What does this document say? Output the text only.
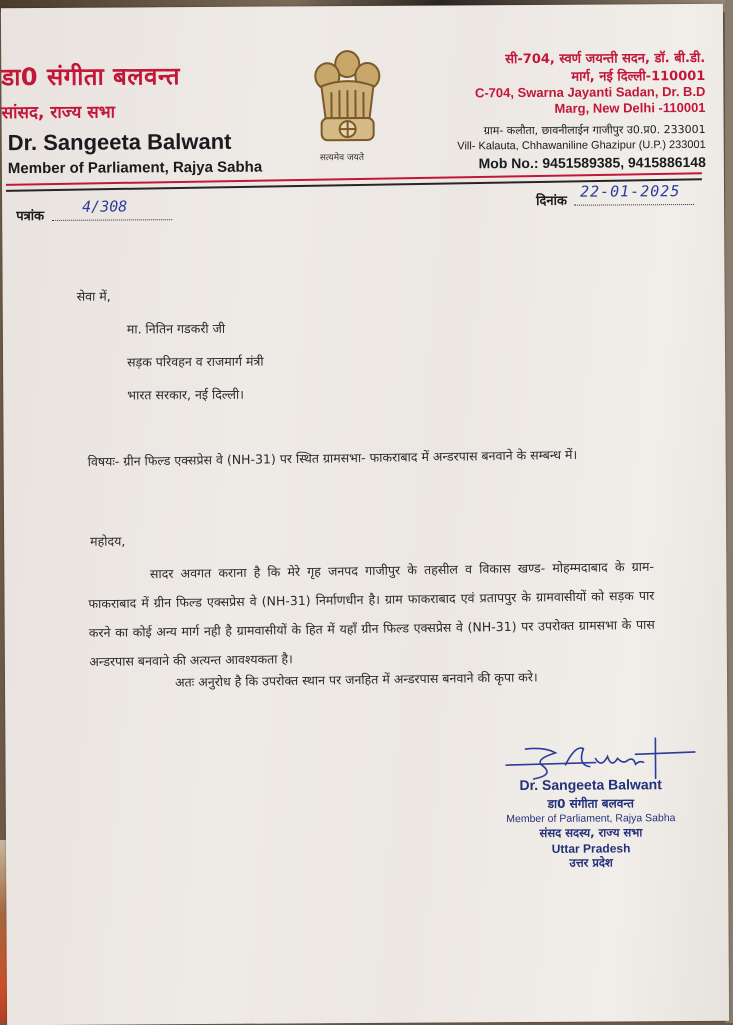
डा0 संगीता बलवन्त
सांसद, राज्य सभा
Dr. Sangeeta Balwant
Member of Parliament, Rajya Sabha
सत्यमेव जयते
सी-704, स्वर्ण जयन्ती सदन, डॉ. बी.डी.
मार्ग, नई दिल्ली-110001
C-704, Swarna Jayanti Sadan, Dr. B.D
Marg, New Delhi -110001
ग्राम- कलौता, छावनीलाईन गाजीपुर उ0.प्र0. 233001
Vill- Kalauta, Chhawaniline Ghazipur (U.P.) 233001
Mob No.: 9451589385, 9415886148
पत्रांक
4/308	दिनांक
22-01-2025
सेवा में,
मा. नितिन गडकरी जी
सड़क परिवहन व राजमार्ग मंत्री
भारत सरकार, नई दिल्ली।
विषयः- ग्रीन फिल्ड एक्सप्रेस वे (NH-31) पर स्थित ग्रामसभा- फाकराबाद में अन्डरपास बनवाने के सम्बन्ध में।
महोदय,
सादर अवगत कराना है कि मेरे गृह जनपद गाजीपुर के तहसील व विकास खण्ड- मोहम्मदाबाद के ग्राम- फाकराबाद में ग्रीन फिल्ड एक्सप्रेस वे (NH-31) निर्माणधीन है। ग्राम फाकराबाद एवं प्रतापपुर के ग्रामवासीयों को सड़क पार करने का कोई अन्य मार्ग नही है ग्रामवासीयों के हित में यहाँ ग्रीन फिल्ड एक्सप्रेस वे (NH-31) पर उपरोक्त ग्रामसभा के पास अन्डरपास बनवाने की अत्यन्त आवश्यकता है।
अतः अनुरोध है कि उपरोक्त स्थान पर जनहित में अन्डरपास बनवाने की कृपा करे।
Dr. Sangeeta Balwant
डा0 संगीता बलवन्त
Member of Parliament, Rajya Sabha
संसद सदस्य, राज्य सभा
Uttar Pradesh
उत्तर प्रदेश
